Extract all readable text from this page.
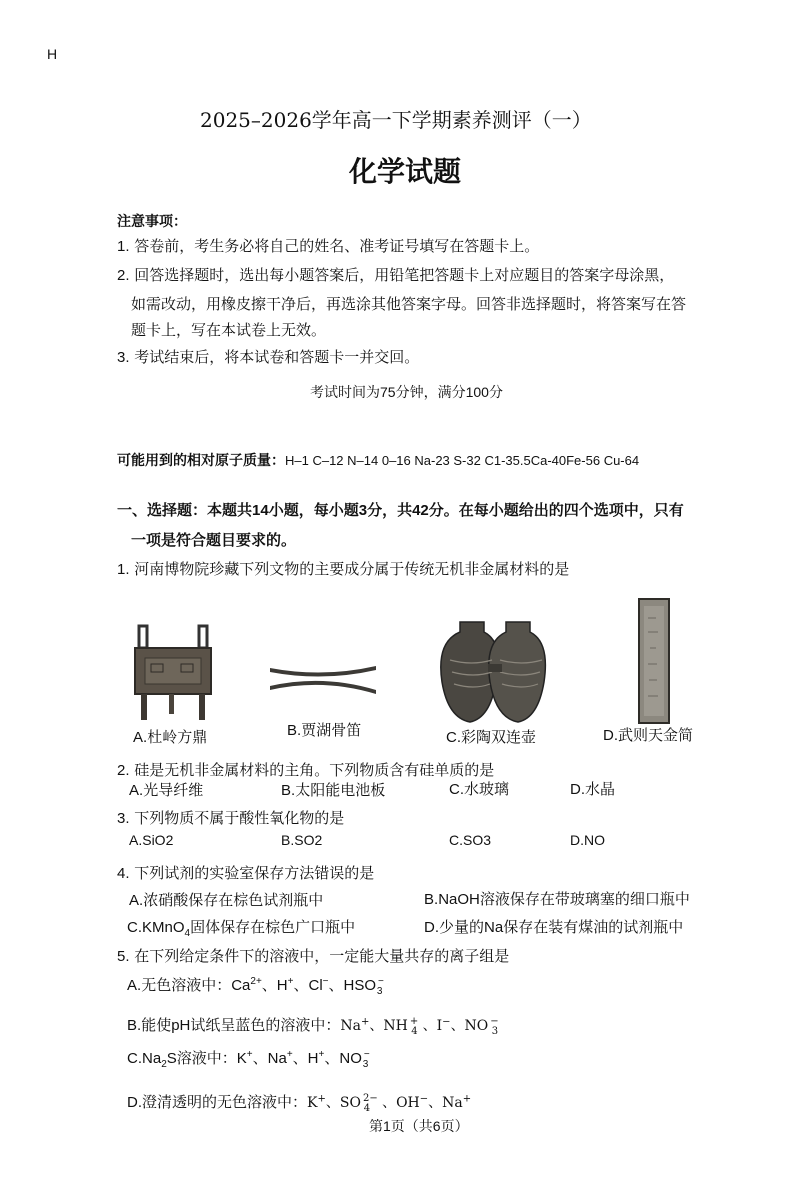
H
2025–2026学年高一下学期素养测评（一）
化学试题
注意事项：
1. 答卷前，考生务必将自己的姓名、准考证号填写在答题卡上。
2. 回答选择题时，选出每小题答案后，用铅笔把答题卡上对应题目的答案字母涂黑，
如需改动，用橡皮擦干净后，再选涂其他答案字母。回答非选择题时，将答案写在答
题卡上，写在本试卷上无效。
3. 考试结束后，将本试卷和答题卡一并交回。
考试时间为75分钟，满分100分
可能用到的相对原子质量：H–1 C–12 N–14 0–16 Na-23 S-32 C1-35.5Ca-40Fe-56 Cu-64
一、选择题：本题共14小题，每小题3分，共42分。在每小题给出的四个选项中，只有
一项是符合题目要求的。
1. 河南博物院珍藏下列文物的主要成分属于传统无机非金属材料的是
A.杜岭方鼎	B.贾湖骨笛	C.彩陶双连壶	D.武则天金简
2. 硅是无机非金属材料的主角。下列物质含有硅单质的是
A.光导纤维	B.太阳能电池板	C.水玻璃	D.水晶
3. 下列物质不属于酸性氧化物的是
A.SiO2	B.SO2	C.SO3	D.NO
4. 下列试剂的实验室保存方法错误的是
A.浓硝酸保存在棕色试剂瓶中	B.NaOH溶液保存在带玻璃塞的细口瓶中
C.KMnO$_4$固体保存在棕色广口瓶中	D.少量的Na保存在装有煤油的试剂瓶中
5. 在下列给定条件下的溶液中，一定能大量共存的离子组是
A.无色溶液中：$Ca^{2+}$、H+、Cl−、HSO −$_3$
B.能使pH试纸呈蓝色的溶液中：Na+、NH +$_4$ 、I−、NO −$_3$
$C.Na_2S$溶液中：K+、Na+、H+、NO −$_3$
D.澄清透明的无色溶液中：K+、SO $^{2-}_4$ 、OH−、Na+
第1页（共6页）
